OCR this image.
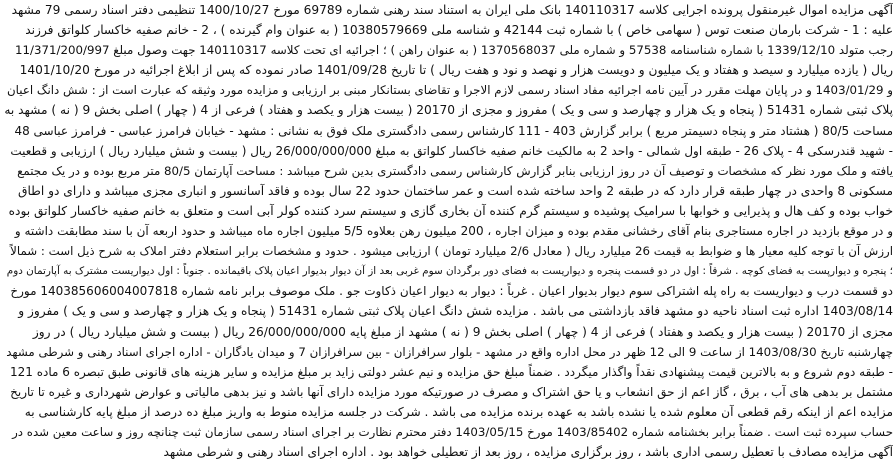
آگهی مزایده اموال غیرمنقول پرونده اجرایی کلاسه 140110317 بانک ملی ایران به استناد سند رهنی شماره 69789 مورخ 1400/10/27 تنظیمی دفتر اسناد رسمی 79 مشهد
علیه : 1 - شرکت بارمان صنعت توس ( سهامی خاص ) با شماره ثبت 42144 و شناسه ملی 10380579669 ( به عنوان وام گیرنده ) ، 2 - خانم صفیه خاکسار کلواتق فرزند
رجب متولد 1339/12/10 با شماره شناسنامه 57538 و شماره ملی 1370568037 ( به عنوان راهن ) ؛ اجرائیه ای تحت کلاسه 140110317 جهت وصول مبلغ 11/371/200/997
ریال ( یازده میلیارد و سیصد و هفتاد و یک میلیون و دویست هزار و نهصد و نود و هفت ریال ) تا تاریخ 1401/09/28 صادر نموده که پس از ابلاغ اجرائیه در مورخ 1401/10/20
و 1403/01/29 و در پایان مهلت مقرر در آیین نامه اجرائیه مفاد اسناد رسمی لازم الاجرا و تقاضای بستانکار مبنی بر ارزیابی و مزایده مورد وثیقه که عبارت است از : شش دانگ اعیان
پلاک ثبتی شماره 51431 ( پنجاه و یک هزار و چهارصد و سی و یک ) مفروز و مجزی از 20170 ( بیست هزار و یکصد و هفتاد ) فرعی از 4 ( چهار ) اصلی بخش 9 ( نه ) مشهد به
مساحت 80/5 ( هشتاد متر و پنجاه دسیمتر مربع ) برابر گزارش 403 - 111 کارشناس رسمی دادگستری ملک فوق به نشانی : مشهد - خیابان فرامرز عباسی - فرامرز عباسی 48
- شهید قندرسکی 4 - پلاک 26 - طبقه اول شمالی - واحد 2 به مالکیت خانم صفیه خاکسار کلواتق به مبلغ 26/000/000/000 ریال ( بیست و شش میلیارد ریال ) ارزیابی و قطعیت
یافته و ملک مورد نظر که مشخصات و توصیف آن در روز ارزیابی بنابر گزارش کارشناس رسمی دادگستری بدین شرح میباشد : مساحت آپارتمان 80/5 متر مربع بوده و در یک مجتمع
مسکونی 8 واحدی در چهار طبقه قرار دارد که در طبقه 2 واحد ساخته شده است و عمر ساختمان حدود 22 سال بوده و فاقد آسانسور و انباری مجزی میباشد و دارای دو اطاق
خواب بوده و کف هال و پذیرایی و خوابها با سرامیک پوشیده و سیستم گرم کننده آن بخاری گازی و سیستم سرد کننده کولر آبی است و متعلق به خانم صفیه خاکسار کلواتق بوده
و در موقع بازدید در اجاره مستاجری بنام آقای رخشانی مقدم بوده و میزان اجاره ، 200 میلیون رهن بعلاوه 5/5 میلیون اجاره ماه میباشد و حدود اربعه آن با سند مطابقت داشته و
ارزش آن با توجه کلیه معیار ها و ضوابط به قیمت 26 میلیارد ریال ( معادل 2/6 میلیارد تومان ) ارزیابی میشود . حدود و مشخصات برابر استعلام دفتر املاک به شرح ذیل است : شمالاً
؛ پنجره و دیوارپست به فضای کوچه . شرقاً : اول در دو قسمت پنجره و دیواریست به فضای دور برگردان سوم غربی بعد از آن دیوار بدیوار اعیان پلاک باقیمانده . جنوباً : اول دیواریست مشترک به آپارتمان دوم
دو قسمت درب و دیواریست به راه پله اشتراکی سوم دیوار بدیوار اعیان . غرباً : دیوار به دیوار اعیان ذکاوت جو . ملک موصوف برابر نامه شماره 140385606004007818 مورخ
1403/08/14 اداره ثبت اسناد ناحیه دو مشهد فاقد بازداشتی می باشد . مزایده شش دانگ اعیان پلاک ثبتی شماره 51431 ( پنجاه و یک هزار و چهارصد و سی و یک ) مفروز و
مجزی از 20170 ( بیست هزار و یکصد و هفتاد ) فرعی از 4 ( چهار ) اصلی بخش 9 ( نه ) مشهد از مبلغ پایه 26/000/000/000 ریال ( بیست و شش میلیارد ریال ) در روز
چهارشنبه تاریخ 1403/08/30 از ساعت 9 الی 12 ظهر در محل اداره واقع در مشهد - بلوار سرافرازان - بین سرافرازان 7 و میدان یادگاران - اداره اجرای اسناد رهنی و شرطی مشهد
- طبقه دوم شروع و به بالاترین قیمت پیشنهادی نقداً واگذار میگردد . ضمناً مبلغ حق مزایده و نیم عشر دولتی زاید بر مبلغ مزایده و سایر هزینه های قانونی طبق تبصره 6 ماده 121
مشتمل بر بدهی های آب ، برق ، گاز اعم از حق انشعاب و یا حق اشتراک و مصرف در صورتیکه مورد مزایده دارای آنها باشد و نیز بدهی مالیاتی و عوارض شهرداری و غیره تا تاریخ
مزایده اعم از اینکه رقم قطعی آن معلوم شده یا نشده باشد به عهده برنده مزایده می باشد . شرکت در جلسه مزایده منوط به واریز مبلغ ده درصد از مبلغ پایه کارشناسی به
حساب سپرده ثبت است . ضمناً برابر بخشنامه شماره 1403/85402 مورخ 1403/05/15 دفتر محترم نظارت بر اجرای اسناد رسمی سازمان ثبت چنانچه روز و ساعت معین شده در
آگهی مزایده مصادف با تعطیل رسمی اداری باشد ، روز برگزاری مزایده ، روز بعد از تعطیلی خواهد بود . اداره اجرای اسناد رهنی و شرطی مشهد
